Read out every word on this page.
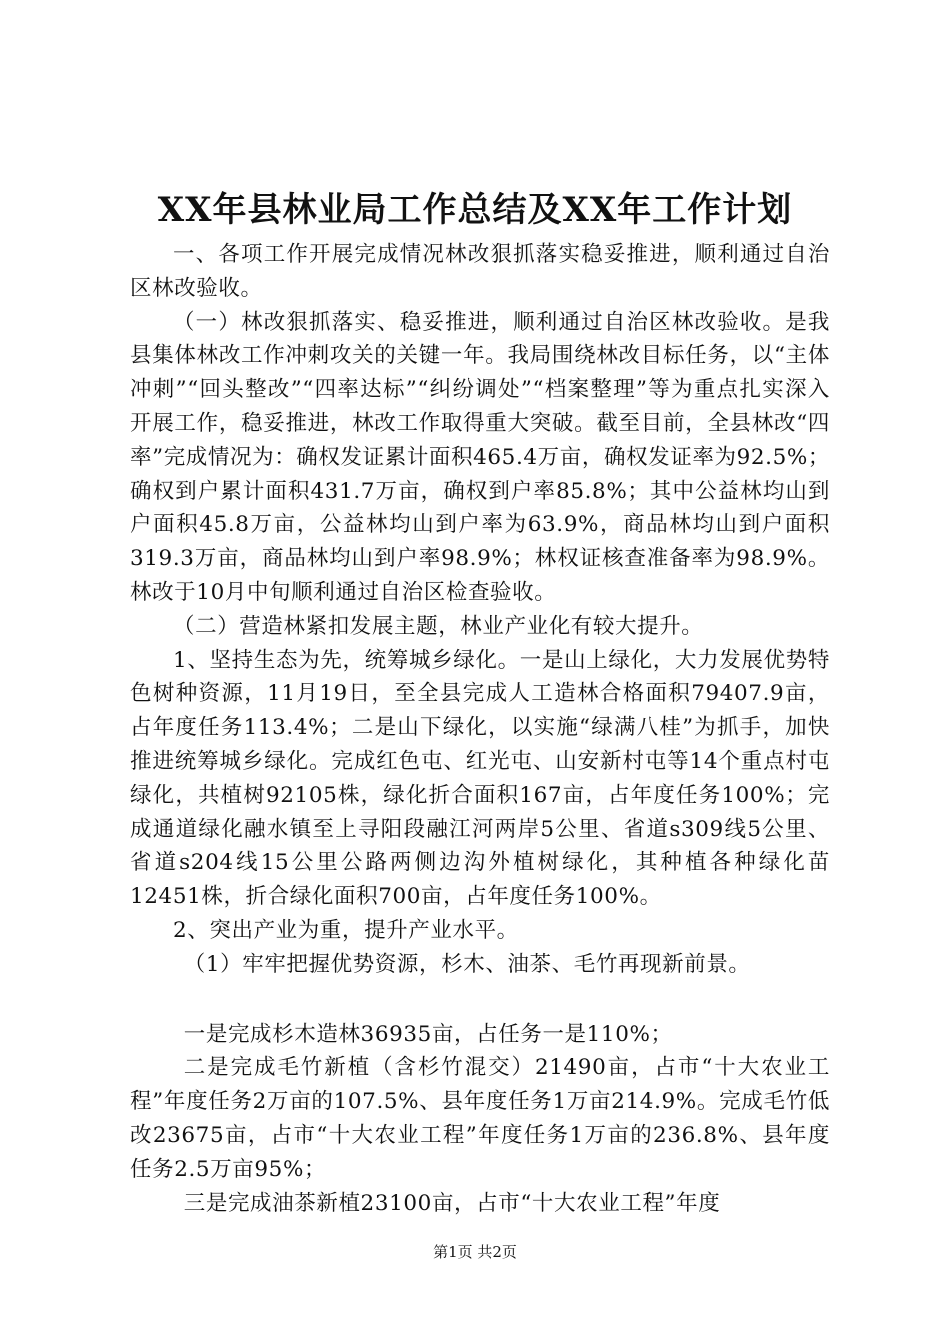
XX年县林业局工作总结及XX年工作计划

一、各项工作开展完成情况林改狠抓落实稳妥推进，顺利通过自治区林改验收。

（一）林改狠抓落实、稳妥推进，顺利通过自治区林改验收。是我县集体林改工作冲刺攻关的关键一年。我局围绕林改目标任务，以“主体冲刺”“回头整改”“四率达标”“纠纷调处”“档案整理”等为重点扎实深入开展工作，稳妥推进，林改工作取得重大突破。截至目前，全县林改“四率”完成情况为：确权发证累计面积465.4万亩，确权发证率为92.5%；确权到户累计面积431.7万亩，确权到户率85.8%；其中公益林均山到户面积45.8万亩，公益林均山到户率为63.9%，商品林均山到户面积319.3万亩，商品林均山到户率98.9%；林权证核查准备率为98.9%。林改于10月中旬顺利通过自治区检查验收。

（二）营造林紧扣发展主题，林业产业化有较大提升。

1、坚持生态为先，统筹城乡绿化。一是山上绿化，大力发展优势特色树种资源，11月19日，至全县完成人工造林合格面积79407.9亩，占年度任务113.4%；二是山下绿化，以实施“绿满八桂”为抓手，加快推进统筹城乡绿化。完成红色屯、红光屯、山安新村屯等14个重点村屯绿化，共植树92105株，绿化折合面积167亩，占年度任务100%；完成通道绿化融水镇至上寻阳段融江河两岸5公里、省道s309线5公里、省道s204线15公里公路两侧边沟外植树绿化，其种植各种绿化苗12451株，折合绿化面积700亩，占年度任务100%。

2、突出产业为重，提升产业水平。

（1）牢牢把握优势资源，杉木、油茶、毛竹再现新前景。

一是完成杉木造林36935亩，占任务一是110%；

二是完成毛竹新植（含杉竹混交）21490亩，占市“十大农业工程”年度任务2万亩的107.5%、县年度任务1万亩214.9%。完成毛竹低改23675亩，占市“十大农业工程”年度任务1万亩的236.8%、县年度任务2.5万亩95%；

三是完成油茶新植23100亩，占市“十大农业工程”年度

第1页 共2页
